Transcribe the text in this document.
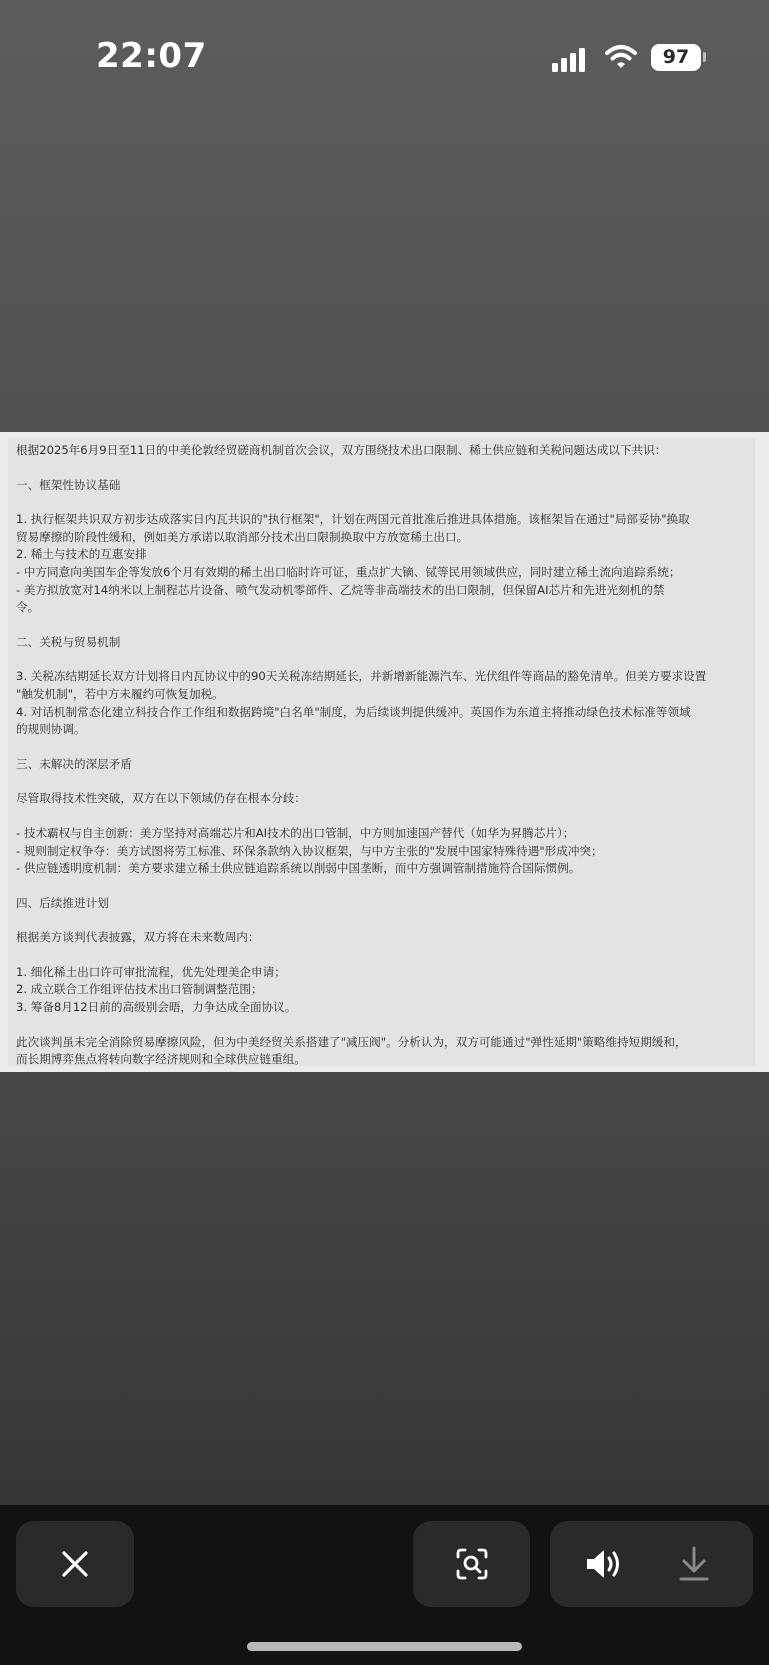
22:07	97
根据2025年6月9日至11日的中美伦敦经贸磋商机制首次会议，双方围绕技术出口限制、稀土供应链和关税问题达成以下共识：
一、框架性协议基础
1. 执行框架共识双方初步达成落实日内瓦共识的"执行框架"，计划在两国元首批准后推进具体措施。该框架旨在通过"局部妥协"换取
贸易摩擦的阶段性缓和，例如美方承诺以取消部分技术出口限制换取中方放宽稀土出口。
2. 稀土与技术的互惠安排
- 中方同意向美国车企等发放6个月有效期的稀土出口临时许可证，重点扩大镝、铽等民用领域供应，同时建立稀土流向追踪系统；
- 美方拟放宽对14纳米以上制程芯片设备、喷气发动机零部件、乙烷等非高端技术的出口限制，但保留AI芯片和先进光刻机的禁
令。
二、关税与贸易机制
3. 关税冻结期延长双方计划将日内瓦协议中的90天关税冻结期延长，并新增新能源汽车、光伏组件等商品的豁免清单。但美方要求设置
"触发机制"，若中方未履约可恢复加税。
4. 对话机制常态化建立科技合作工作组和数据跨境"白名单"制度，为后续谈判提供缓冲。英国作为东道主将推动绿色技术标准等领域
的规则协调。
三、未解决的深层矛盾
尽管取得技术性突破，双方在以下领域仍存在根本分歧：
- 技术霸权与自主创新：美方坚持对高端芯片和AI技术的出口管制，中方则加速国产替代（如华为昇腾芯片）；
- 规则制定权争夺：美方试图将劳工标准、环保条款纳入协议框架，与中方主张的"发展中国家特殊待遇"形成冲突；
- 供应链透明度机制：美方要求建立稀土供应链追踪系统以削弱中国垄断，而中方强调管制措施符合国际惯例。
四、后续推进计划
根据美方谈判代表披露，双方将在未来数周内：
1. 细化稀土出口许可审批流程，优先处理美企申请；
2. 成立联合工作组评估技术出口管制调整范围；
3. 筹备8月12日前的高级别会晤，力争达成全面协议。
此次谈判虽未完全消除贸易摩擦风险，但为中美经贸关系搭建了"减压阀"。分析认为，双方可能通过"弹性延期"策略维持短期缓和，
而长期博弈焦点将转向数字经济规则和全球供应链重组。
